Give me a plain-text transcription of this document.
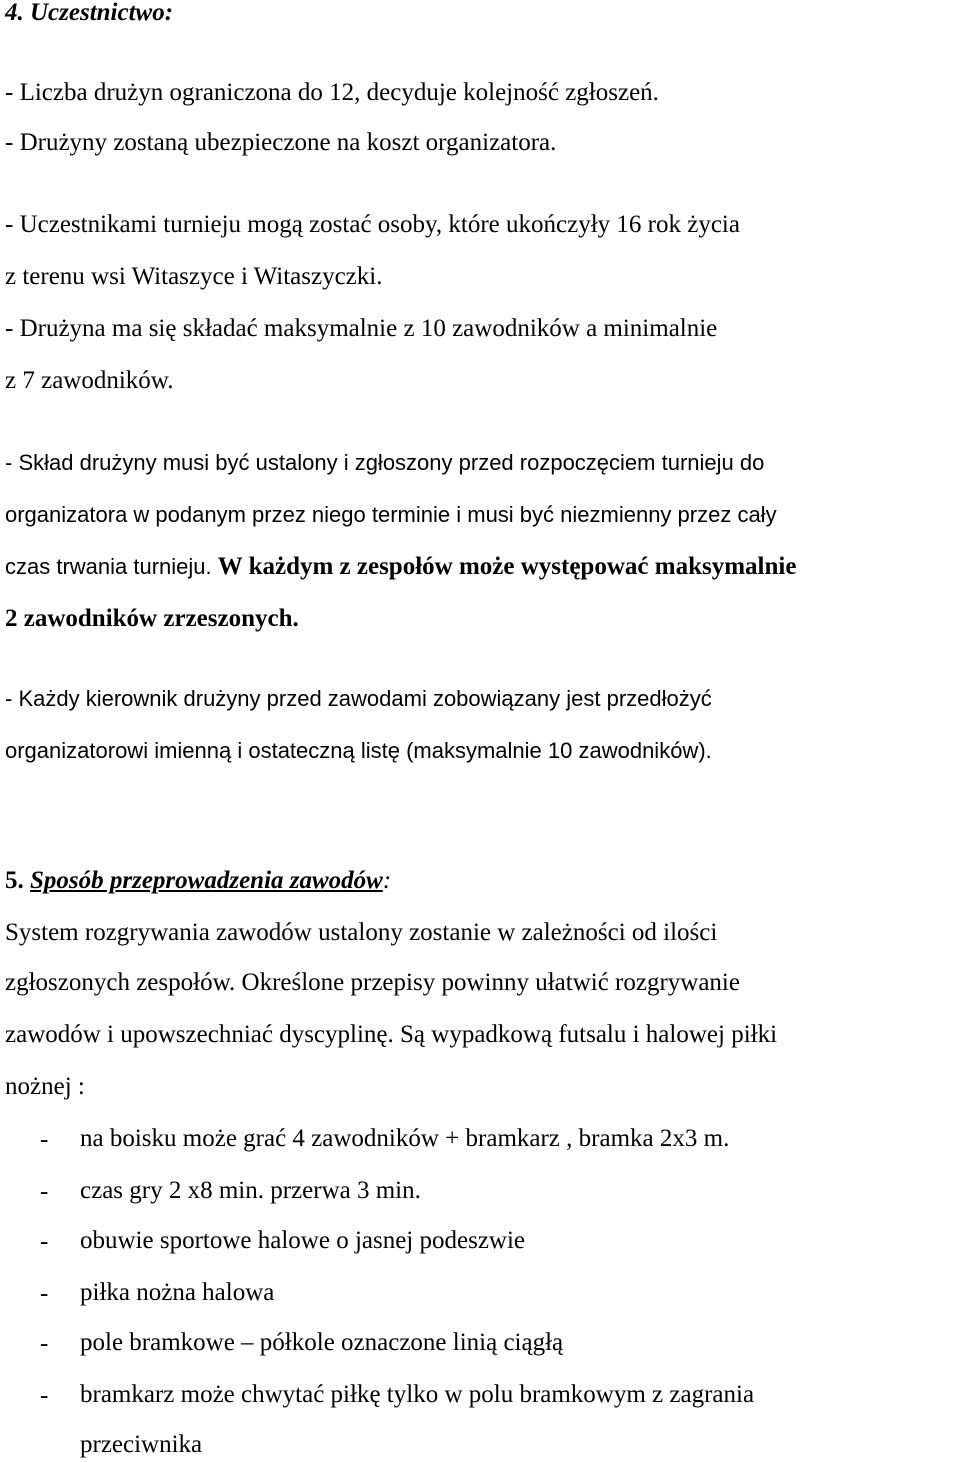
4. Uczestnictwo:
- Liczba drużyn ograniczona do 12, decyduje kolejność zgłoszeń.
- Drużyny zostaną ubezpieczone na koszt organizatora.
- Uczestnikami turnieju mogą zostać osoby, które ukończyły 16 rok życia
z terenu wsi Witaszyce i Witaszyczki.
- Drużyna ma się składać maksymalnie z 10 zawodników a minimalnie
z 7 zawodników.
- Skład drużyny musi być ustalony i zgłoszony przed rozpoczęciem turnieju do
organizatora w podanym przez niego terminie i musi być niezmienny przez cały
czas trwania turnieju. W każdym z zespołów może występować maksymalnie
2 zawodników zrzeszonych.
- Każdy kierownik drużyny przed zawodami zobowiązany jest przedłożyć
organizatorowi imienną i ostateczną listę (maksymalnie 10 zawodników).
5. Sposób przeprowadzenia zawodów:
System rozgrywania zawodów ustalony zostanie w zależności od ilości
zgłoszonych zespołów. Określone przepisy powinny ułatwić rozgrywanie
zawodów i upowszechniać dyscyplinę. Są wypadkową futsalu i halowej piłki
nożnej :
- na boisku może grać 4 zawodników + bramkarz , bramka 2x3 m.
- czas gry 2 x8 min. przerwa 3 min.
- obuwie sportowe halowe o jasnej podeszwie
- piłka nożna halowa
- pole bramkowe – półkole oznaczone linią ciągłą
- bramkarz może chwytać piłkę tylko w polu bramkowym z zagrania
przeciwnika
